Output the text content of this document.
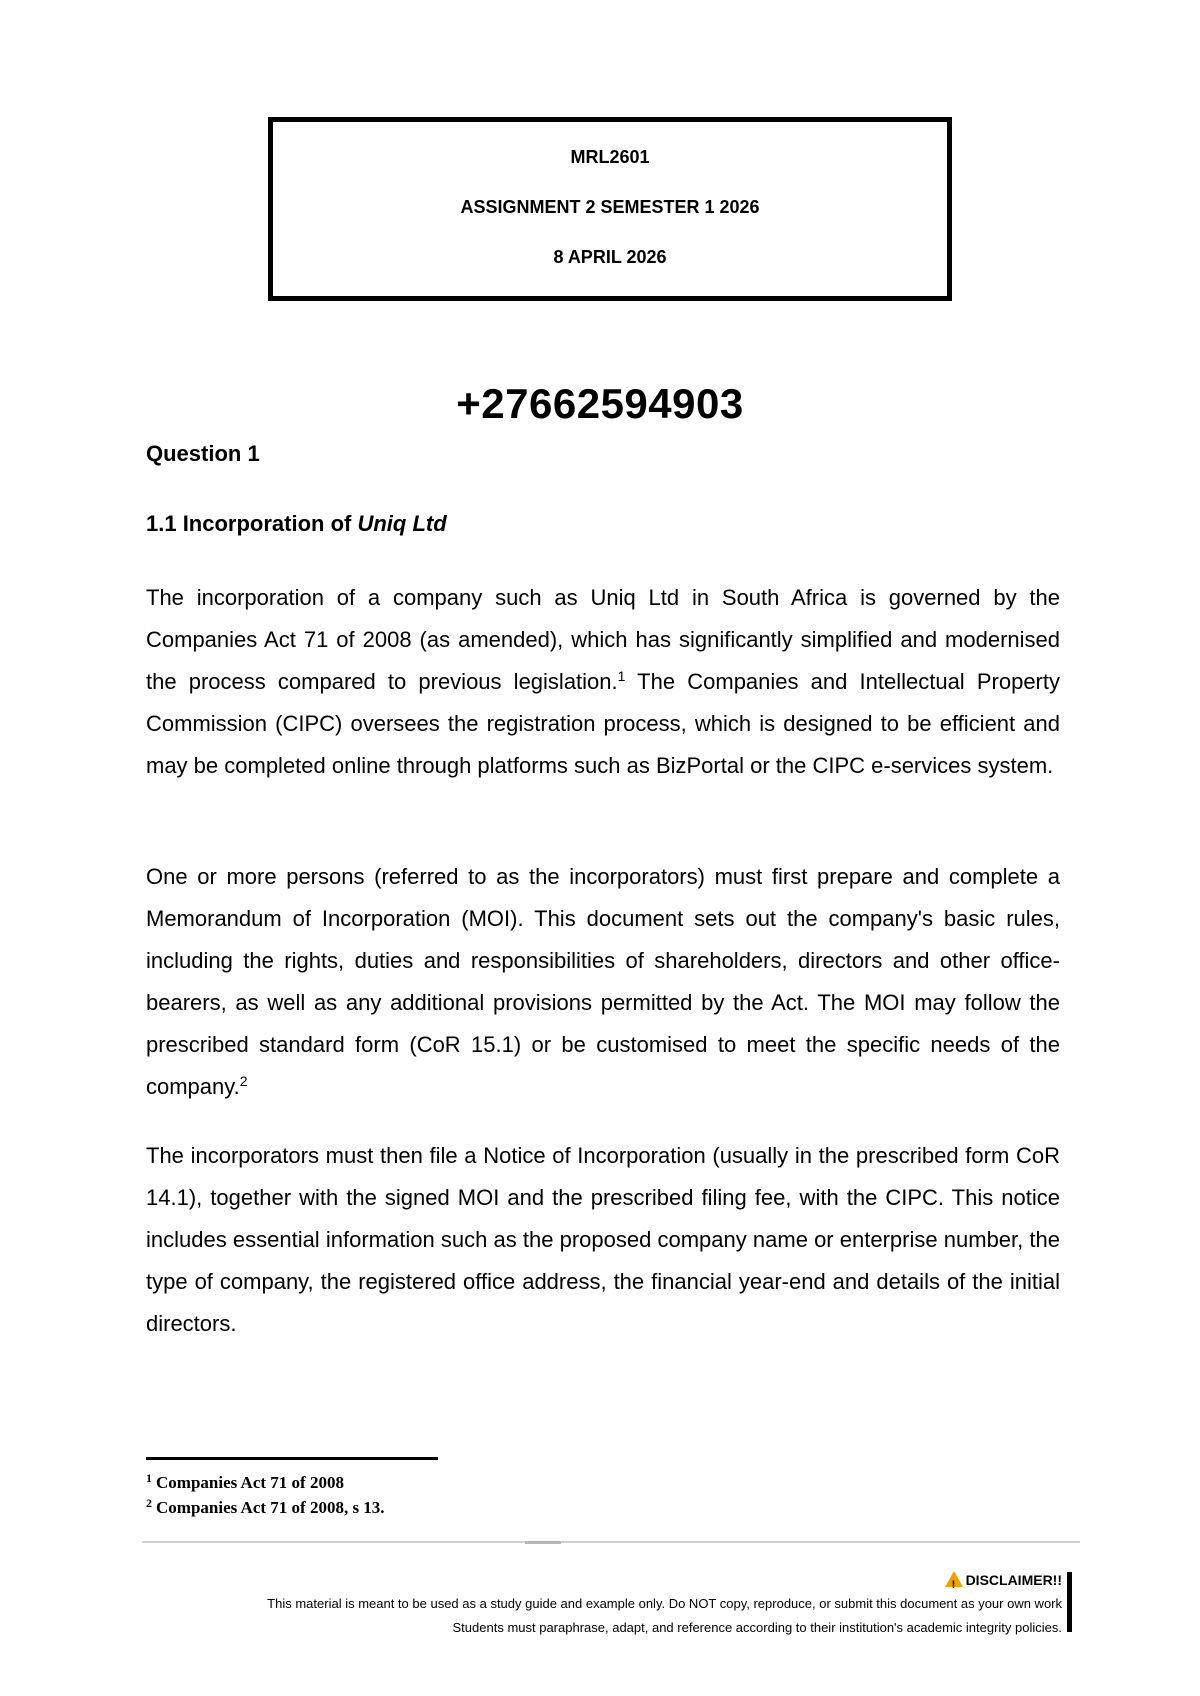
MRL2601
ASSIGNMENT 2 SEMESTER 1 2026
8 APRIL 2026
+27662594903
Question 1
1.1 Incorporation of Uniq Ltd

The incorporation of a company such as Uniq Ltd in South Africa is governed by the Companies Act 71 of 2008 (as amended), which has significantly simplified and modernised the process compared to previous legislation.$^1$ The Companies and Intellectual Property Commission (CIPC) oversees the registration process, which is designed to be efficient and may be completed online through platforms such as BizPortal or the CIPC e-services system.

One or more persons (referred to as the incorporators) must first prepare and complete a Memorandum of Incorporation (MOI). This document sets out the company's basic rules, including the rights, duties and responsibilities of shareholders, directors and other office-bearers, as well as any additional provisions permitted by the Act. The MOI may follow the prescribed standard form (CoR 15.1) or be customised to meet the specific needs of the company.$^2$

The incorporators must then file a Notice of Incorporation (usually in the prescribed form CoR 14.1), together with the signed MOI and the prescribed filing fee, with the CIPC. This notice includes essential information such as the proposed company name or enterprise number, the type of company, the registered office address, the financial year-end and details of the initial directors.

$^1$ Companies Act 71 of 2008
$^2$ Companies Act 71 of 2008, s 13.
!DISCLAIMER!!
This material is meant to be used as a study guide and example only. Do NOT copy, reproduce, or submit this document as your own work
Students must paraphrase, adapt, and reference according to their institution's academic integrity policies.
